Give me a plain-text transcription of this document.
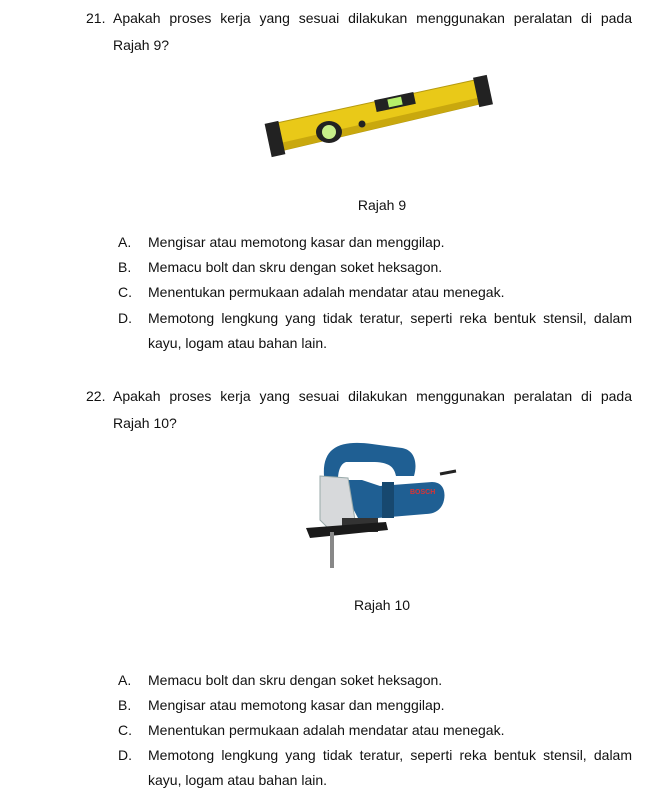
21. Apakah proses kerja yang sesuai dilakukan menggunakan peralatan di pada
Rajah 9?
Rajah 9
A. Mengisar atau memotong kasar dan menggilap.
B. Memacu bolt dan skru dengan soket heksagon.
C. Menentukan permukaan adalah mendatar atau menegak.
D. Memotong lengkung yang tidak teratur, seperti reka bentuk stensil, dalam
kayu, logam atau bahan lain.
22. Apakah proses kerja yang sesuai dilakukan menggunakan peralatan di pada
Rajah 10?
BOSCH
Rajah 10
A. Memacu bolt dan skru dengan soket heksagon.
B. Mengisar atau memotong kasar dan menggilap.
C. Menentukan permukaan adalah mendatar atau menegak.
D. Memotong lengkung yang tidak teratur, seperti reka bentuk stensil, dalam
kayu, logam atau bahan lain.
